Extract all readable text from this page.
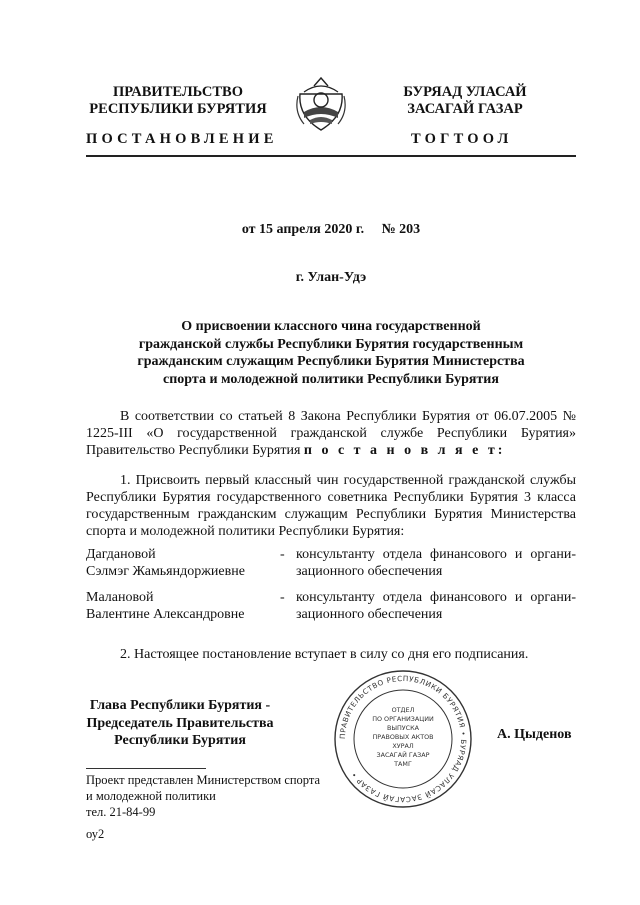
ПРАВИТЕЛЬСТВО
РЕСПУБЛИКИ БУРЯТИЯ
БУРЯАД УЛАСАЙ
ЗАСАГАЙ ГАЗАР
ПОСТАНОВЛЕНИЕ	ТОГТООЛ
от 15 апреля 2020 г.     № 203
г. Улан-Удэ
О присвоении классного чина государственной
гражданской службы Республики Бурятия государственным
гражданским служащим Республики Бурятия Министерства
спорта и молодежной политики Республики Бурятия
В соответствии со статьей 8 Закона Республики Бурятия от 06.07.2005 № 1225-III «О государственной гражданской службе Республики Бурятия» Правительство Республики Бурятия п о с т а н о в л я е т:
1. Присвоить первый классный чин государственной гражданской службы Республики Бурятия государственного советника Республики Бурятия 3 класса государственным гражданским служащим Республики Бурятия Министерства спорта и молодежной политики Республики Бурятия:
Дагдановой
Сэлмэг Жамьяндоржиевне
- консультанту отдела финансового и органи-
зационного обеспечения
Малановой
Валентине Александровне
- консультанту отдела финансового и органи-
зационного обеспечения
2. Настоящее постановление вступает в силу со дня его подписания.
Глава Республики Бурятия -
Председатель Правительства
Республики Бурятия	ПРАВИТЕЛЬСТВО РЕСПУБЛИКИ БУРЯТИЯ • БУРЯАД УЛАСАЙ ЗАСАГАЙ ГАЗАР •
ОТДЕЛ
ПО ОРГАНИЗАЦИИ
ВЫПУСКА
ПРАВОВЫХ АКТОВ
ХУРАЛ
ЗАСАГАЙ ГАЗАР
ТАМГ
А. Цыденов
Проект представлен Министерством спорта
и молодежной политики
тел. 21-84-99
оу2
